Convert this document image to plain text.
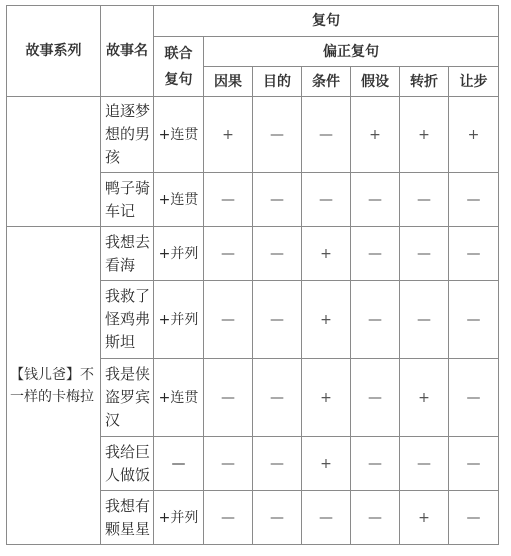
故事系列	故事名	复句						
		联合复句	偏正复句					
			因果	目的	条件	假设	转折	让步
	追逐梦想的男孩	+连贯	+	—	—	+	+	+
	鸭子骑车记	+连贯	—	—	—	—	—	—
【钱儿爸】不一样的卡梅拉	我想去看海	+并列	—	—	+	—	—	—
	我救了怪鸡弗斯坦	+并列	—	—	+	—	—	—
	我是侠盗罗宾汉	+连贯	—	—	+	—	+	—
	我给巨人做饭	—	—	—	+	—	—	—
	我想有颗星星	+并列	—	—	—	—	+	—
